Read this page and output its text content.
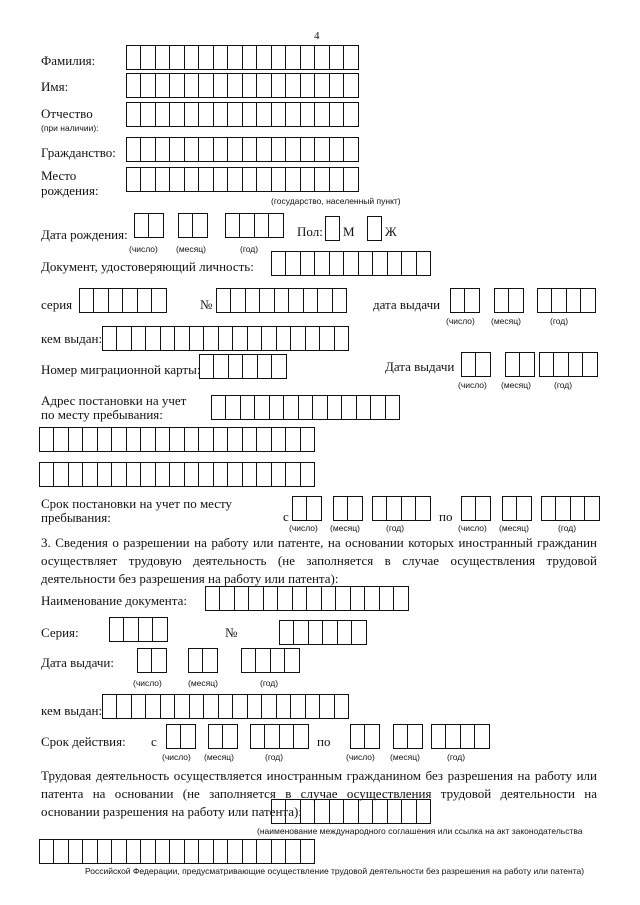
4
Фамилия:
Имя:
Отчество
(при наличии):
Гражданство:
Место
рождения:
(государство, населенный пункт)
Дата рождения:
(число) (месяц)	(год)
Пол: М Ж
Документ, удостоверяющий личность:
серия	№	дата выдачи
(число) (месяц)	(год)
кем выдан:
Номер миграционной карты:	Дата выдачи
(число) (месяц)	(год)
Адрес постановки на учет
по месту пребывания:
Срок постановки на учет по месту
пребывания:	с
(число) (месяц)	(год)
по
(число) (месяц)	(год)
3. Сведения о разрешении на работу или патенте, на основании которых иностранный гражданин осуществляет трудовую деятельность (не заполняется в случае осуществления трудовой деятельности без разрешения на работу или патента):
Наименование документа:
Серия:	№
Дата выдачи:
(число)	(месяц)	(год)
кем выдан:
Срок действия: с
(число) (месяц)	(год)
по
(число) (месяц)	(год)
Трудовая деятельность осуществляется иностранным гражданином без разрешения на работу или патента на основании (не заполняется в случае осуществления трудовой деятельности на основании разрешения на работу или патента):
(наименование международного соглашения или ссылка на акт законодательства
Российской Федерации, предусматривающие осуществление трудовой деятельности без разрешения на работу или патента)
